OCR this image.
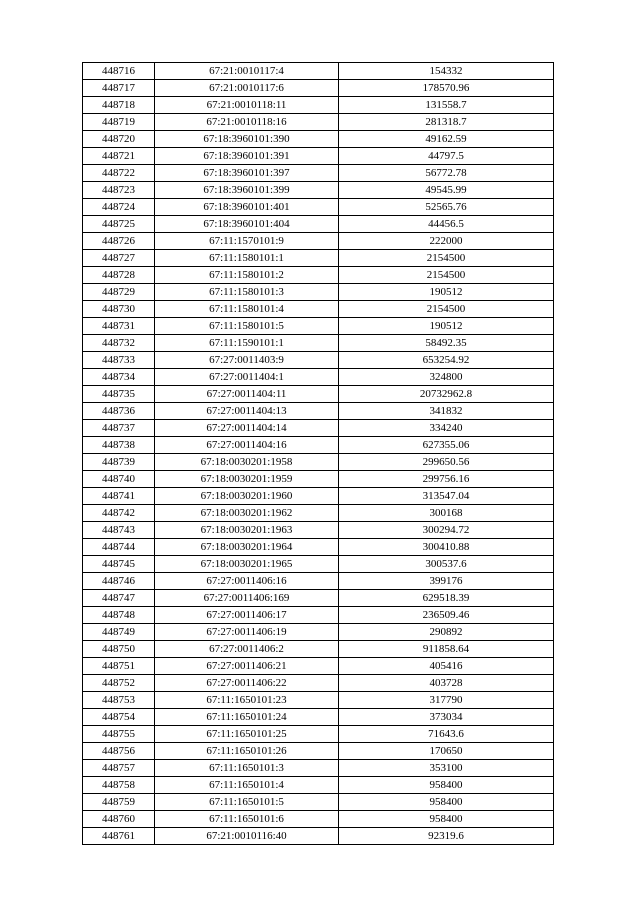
448716	67:21:0010117:4	154332
448717	67:21:0010117:6	178570.96
448718	67:21:0010118:11	131558.7
448719	67:21:0010118:16	281318.7
448720	67:18:3960101:390	49162.59
448721	67:18:3960101:391	44797.5
448722	67:18:3960101:397	56772.78
448723	67:18:3960101:399	49545.99
448724	67:18:3960101:401	52565.76
448725	67:18:3960101:404	44456.5
448726	67:11:1570101:9	222000
448727	67:11:1580101:1	2154500
448728	67:11:1580101:2	2154500
448729	67:11:1580101:3	190512
448730	67:11:1580101:4	2154500
448731	67:11:1580101:5	190512
448732	67:11:1590101:1	58492.35
448733	67:27:0011403:9	653254.92
448734	67:27:0011404:1	324800
448735	67:27:0011404:11	20732962.8
448736	67:27:0011404:13	341832
448737	67:27:0011404:14	334240
448738	67:27:0011404:16	627355.06
448739	67:18:0030201:1958	299650.56
448740	67:18:0030201:1959	299756.16
448741	67:18:0030201:1960	313547.04
448742	67:18:0030201:1962	300168
448743	67:18:0030201:1963	300294.72
448744	67:18:0030201:1964	300410.88
448745	67:18:0030201:1965	300537.6
448746	67:27:0011406:16	399176
448747	67:27:0011406:169	629518.39
448748	67:27:0011406:17	236509.46
448749	67:27:0011406:19	290892
448750	67:27:0011406:2	911858.64
448751	67:27:0011406:21	405416
448752	67:27:0011406:22	403728
448753	67:11:1650101:23	317790
448754	67:11:1650101:24	373034
448755	67:11:1650101:25	71643.6
448756	67:11:1650101:26	170650
448757	67:11:1650101:3	353100
448758	67:11:1650101:4	958400
448759	67:11:1650101:5	958400
448760	67:11:1650101:6	958400
448761	67:21:0010116:40	92319.6
